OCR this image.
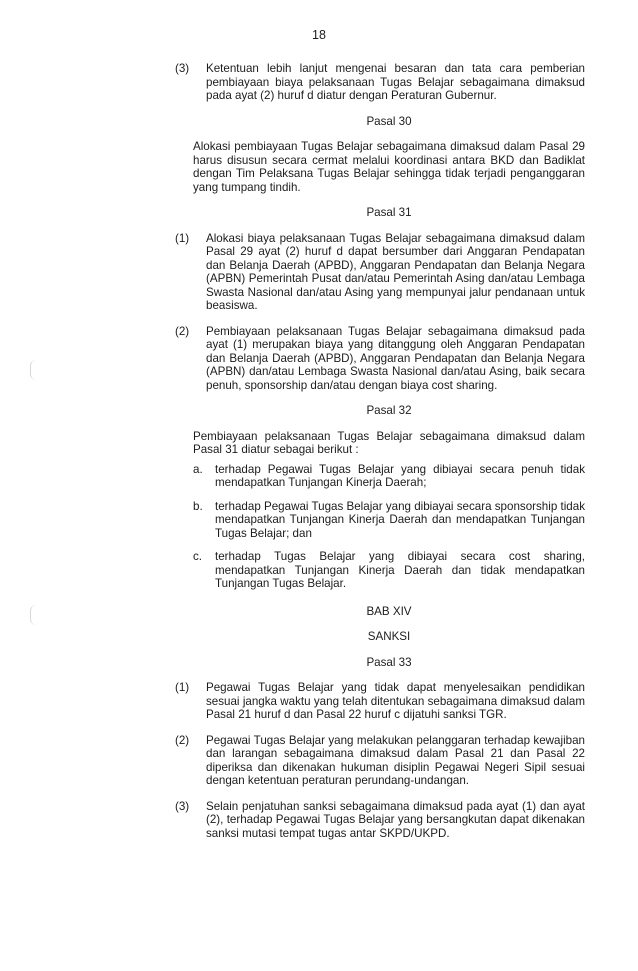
18
(3)	Ketentuan lebih lanjut mengenai besaran dan tata cara pemberian pembiayaan biaya pelaksanaan Tugas Belajar sebagaimana dimaksud pada ayat (2) huruf d diatur dengan Peraturan Gubernur.
Pasal 30
Alokasi pembiayaan Tugas Belajar sebagaimana dimaksud dalam Pasal 29 harus disusun secara cermat melalui koordinasi antara BKD dan Badiklat dengan Tim Pelaksana Tugas Belajar sehingga tidak terjadi penganggaran yang tumpang tindih.
Pasal 31
(1)	Alokasi biaya pelaksanaan Tugas Belajar sebagaimana dimaksud dalam Pasal 29 ayat (2) huruf d dapat bersumber dari Anggaran Pendapatan dan Belanja Daerah (APBD), Anggaran Pendapatan dan Belanja Negara (APBN) Pemerintah Pusat dan/atau Pemerintah Asing dan/atau Lembaga Swasta Nasional dan/atau Asing yang mempunyai jalur pendanaan untuk beasiswa.
(2)	Pembiayaan pelaksanaan Tugas Belajar sebagaimana dimaksud pada ayat (1) merupakan biaya yang ditanggung oleh Anggaran Pendapatan dan Belanja Daerah (APBD), Anggaran Pendapatan dan Belanja Negara (APBN) dan/atau Lembaga Swasta Nasional dan/atau Asing, baik secara penuh, sponsorship dan/atau dengan biaya cost sharing.
Pasal 32
Pembiayaan pelaksanaan Tugas Belajar sebagaimana dimaksud dalam Pasal 31 diatur sebagai berikut :
a.	terhadap Pegawai Tugas Belajar yang dibiayai secara penuh tidak mendapatkan Tunjangan Kinerja Daerah;
b.	terhadap Pegawai Tugas Belajar yang dibiayai secara sponsorship tidak mendapatkan Tunjangan Kinerja Daerah dan mendapatkan Tunjangan Tugas Belajar; dan
c.	terhadap Tugas Belajar yang dibiayai secara cost sharing, mendapatkan Tunjangan Kinerja Daerah dan tidak mendapatkan Tunjangan Tugas Belajar.
BAB XIV
SANKSI
Pasal 33
(1)	Pegawai Tugas Belajar yang tidak dapat menyelesaikan pendidikan sesuai jangka waktu yang telah ditentukan sebagaimana dimaksud dalam Pasal 21 huruf d dan Pasal 22 huruf c dijatuhi sanksi TGR.
(2)	Pegawai Tugas Belajar yang melakukan pelanggaran terhadap kewajiban dan larangan sebagaimana dimaksud dalam Pasal 21 dan Pasal 22 diperiksa dan dikenakan hukuman disiplin Pegawai Negeri Sipil sesuai dengan ketentuan peraturan perundang-undangan.
(3)	Selain penjatuhan sanksi sebagaimana dimaksud pada ayat (1) dan ayat (2), terhadap Pegawai Tugas Belajar yang bersangkutan dapat dikenakan sanksi mutasi tempat tugas antar SKPD/UKPD.
